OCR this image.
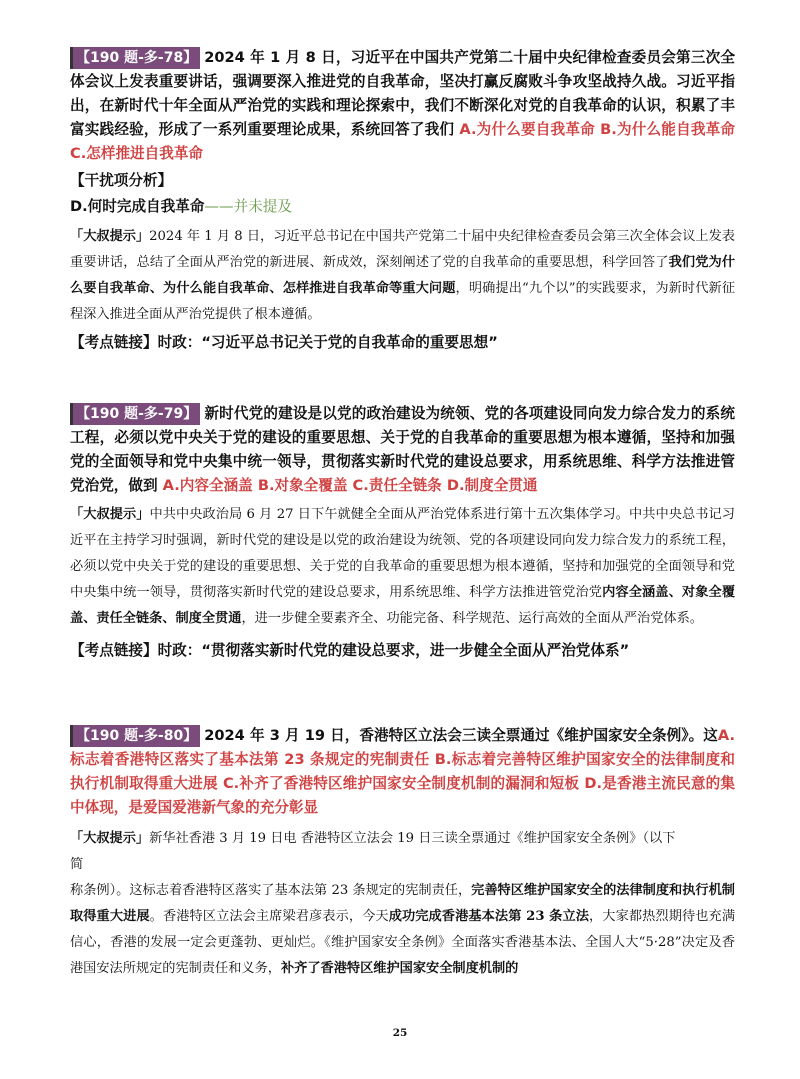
【190 题-多-78】 2024 年 1 月 8 日，习近平在中国共产党第二十届中央纪律检查委员会第三次全体会议上发表重要讲话，强调要深入推进党的自我革命，坚决打赢反腐败斗争攻坚战持久战。习近平指出，在新时代十年全面从严治党的实践和理论探索中，我们不断深化对党的自我革命的认识，积累了丰富实践经验，形成了一系列重要理论成果，系统回答了我们 A.为什么要自我革命 B.为什么能自我革命 C.怎样推进自我革命

【干扰项分析】

D.何时完成自我革命——并未提及

「大叔提示」2024 年 1 月 8 日，习近平总书记在中国共产党第二十届中央纪律检查委员会第三次全体会议上发表重要讲话，总结了全面从严治党的新进展、新成效，深刻阐述了党的自我革命的重要思想，科学回答了我们党为什么要自我革命、为什么能自我革命、怎样推进自我革命等重大问题，明确提出“九个以”的实践要求，为新时代新征程深入推进全面从严治党提供了根本遵循。

【考点链接】时政：“习近平总书记关于党的自我革命的重要思想”

【190 题-多-79】 新时代党的建设是以党的政治建设为统领、党的各项建设同向发力综合发力的系统工程，必须以党中央关于党的建设的重要思想、关于党的自我革命的重要思想为根本遵循，坚持和加强党的全面领导和党中央集中统一领导，贯彻落实新时代党的建设总要求，用系统思维、科学方法推进管党治党，做到 A.内容全涵盖 B.对象全覆盖 C.责任全链条 D.制度全贯通

「大叔提示」中共中央政治局 6 月 27 日下午就健全全面从严治党体系进行第十五次集体学习。中共中央总书记习近平在主持学习时强调，新时代党的建设是以党的政治建设为统领、党的各项建设同向发力综合发力的系统工程，必须以党中央关于党的建设的重要思想、关于党的自我革命的重要思想为根本遵循，坚持和加强党的全面领导和党中央集中统一领导，贯彻落实新时代党的建设总要求，用系统思维、科学方法推进管党治党内容全涵盖、对象全覆盖、责任全链条、制度全贯通，进一步健全要素齐全、功能完备、科学规范、运行高效的全面从严治党体系。

【考点链接】时政：“贯彻落实新时代党的建设总要求，进一步健全全面从严治党体系”

【190 题-多-80】 2024 年 3 月 19 日，香港特区立法会三读全票通过《维护国家安全条例》。这A.标志着香港特区落实了基本法第 23 条规定的宪制责任 B.标志着完善特区维护国家安全的法律制度和执行机制取得重大进展 C.补齐了香港特区维护国家安全制度机制的漏洞和短板 D.是香港主流民意的集中体现，是爱国爱港新气象的充分彰显

「大叔提示」新华社香港 3 月 19 日电 香港特区立法会 19 日三读全票通过《维护国家安全条例》（以下

简

称条例）。这标志着香港特区落实了基本法第 23 条规定的宪制责任，完善特区维护国家安全的法律制度和执行机制取得重大进展。香港特区立法会主席梁君彦表示，今天成功完成香港基本法第 23 条立法，大家都热烈期待也充满信心，香港的发展一定会更蓬勃、更灿烂。《维护国家安全条例》全面落实香港基本法、全国人大“5·28”决定及香港国安法所规定的宪制责任和义务，补齐了香港特区维护国家安全制度机制的

25
